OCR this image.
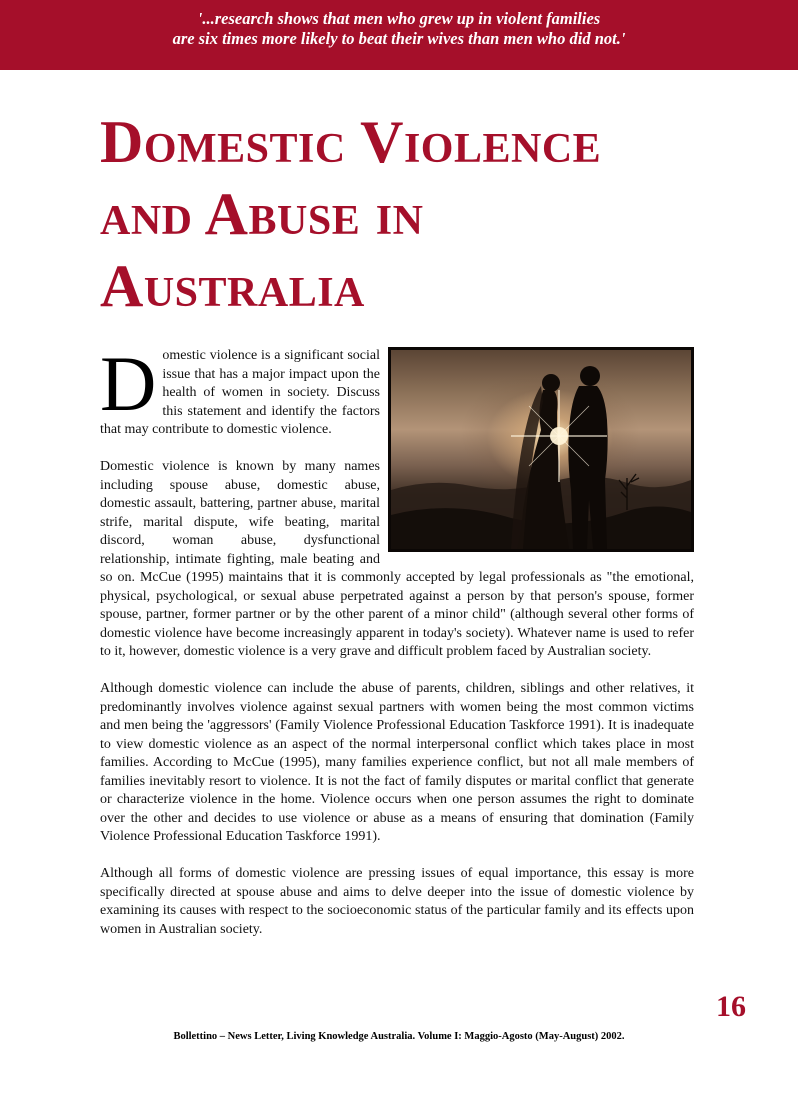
'...research shows that men who grew up in violent families
are six times more likely to beat their wives than men who did not.'
Domestic Violence
and Abuse in
Australia

Domestic violence is a significant social issue that has a major impact upon the health of women in society. Discuss this statement and identify the factors that may contribute to domestic violence.

Domestic violence is known by many names including spouse abuse, domestic abuse, domestic assault, battering, partner abuse, marital strife, marital dispute, wife beating, marital discord, woman abuse, dysfunctional relationship, intimate fighting, male beating and so on. McCue (1995) maintains that it is commonly accepted by legal professionals as "the emotional, physical, psychological, or sexual abuse perpetrated against a person by that person's spouse, former spouse, partner, former partner or by the other parent of a minor child" (although several other forms of domestic violence have become increasingly apparent in today's society). Whatever name is used to refer to it, however, domestic violence is a very grave and difficult problem faced by Australian society.

Although domestic violence can include the abuse of parents, children, siblings and other relatives, it predominantly involves violence against sexual partners with women being the most common victims and men being the 'aggressors' (Family Violence Professional Education Taskforce 1991). It is inadequate to view domestic violence as an aspect of the normal interpersonal conflict which takes place in most families. According to McCue (1995), many families experience conflict, but not all male members of families inevitably resort to violence. It is not the fact of family disputes or marital conflict that generate or characterize violence in the home. Violence occurs when one person assumes the right to dominate over the other and decides to use violence or abuse as a means of ensuring that domination (Family Violence Professional Education Taskforce 1991).

Although all forms of domestic violence are pressing issues of equal importance, this essay is more specifically directed at spouse abuse and aims to delve deeper into the issue of domestic violence by examining its causes with respect to the socioeconomic status of the particular family and its effects upon women in Australian society.

16
Bollettino – News Letter, Living Knowledge Australia. Volume I: Maggio-Agosto (May-August) 2002.
